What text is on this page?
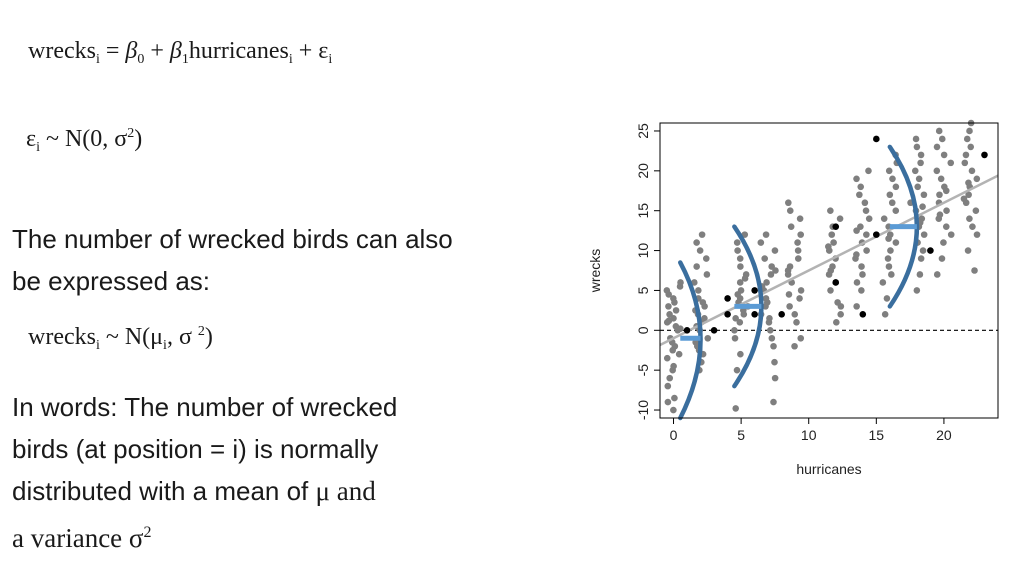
wrecks$_i$ = $\beta_0$ + $\beta_1hurricanes_i + \varepsilon_i$
$\varepsilon_i$ ~ N(0, $\sigma^2$)
The number of wrecked birds can also
be expressed as:
wrecks$_i$ ~ $N(\mu_i$, σ $^2$)
In words: The number of wrecked
birds (at position = i) is normally
distributed with a mean of μ and
a variance $\sigma^2$
0	5	10	15	20
-10
-5
0
5
10
15
20
25
hurricanes
wrecks
